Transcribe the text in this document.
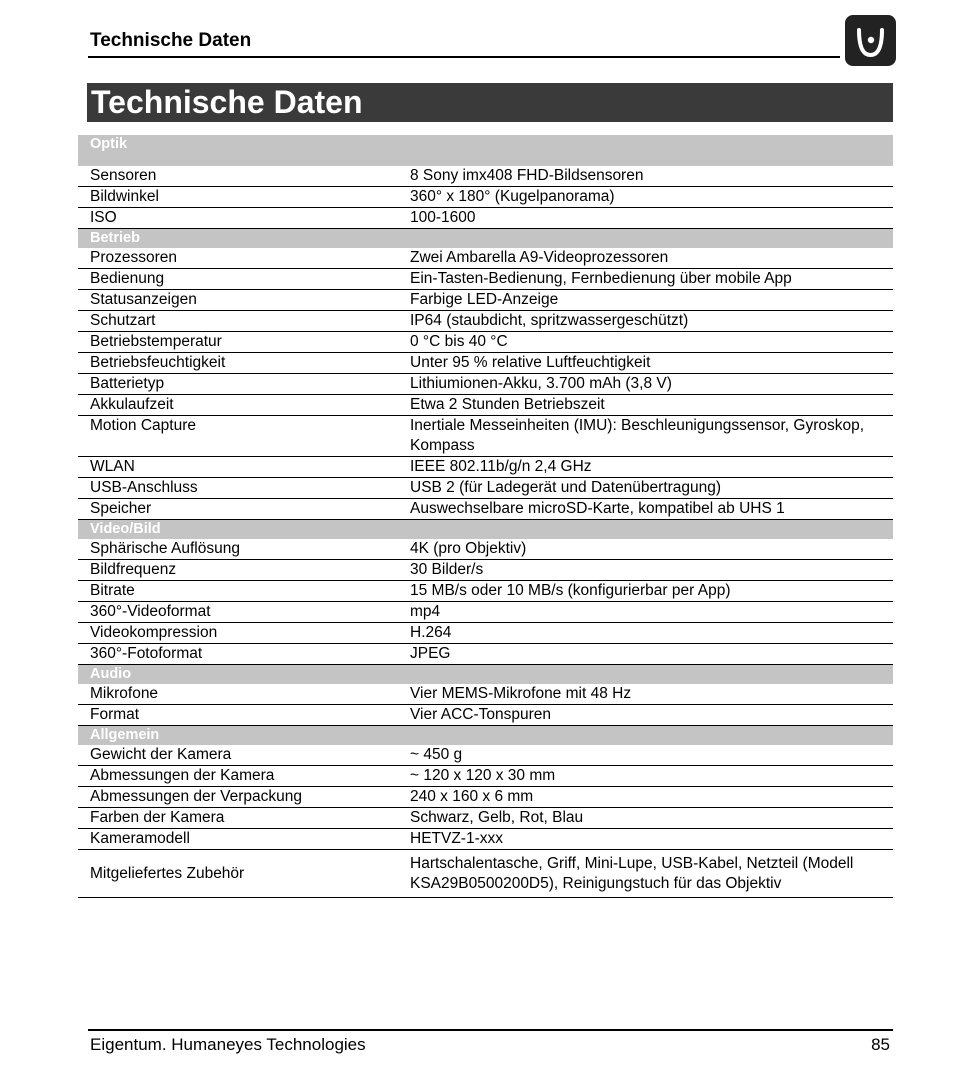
Technische Daten
Technische Daten
Optik	
Sensoren	8 Sony imx408 FHD-Bildsensoren
Bildwinkel	360° x 180° (Kugelpanorama)
ISO	100-1600
Betrieb	
Prozessoren	Zwei Ambarella A9-Videoprozessoren
Bedienung	Ein-Tasten-Bedienung, Fernbedienung über mobile App
Statusanzeigen	Farbige LED-Anzeige
Schutzart	IP64 (staubdicht, spritzwassergeschützt)
Betriebstemperatur	0 °C bis 40 °C
Betriebsfeuchtigkeit	Unter 95 % relative Luftfeuchtigkeit
Batterietyp	Lithiumionen-Akku, 3.700 mAh (3,8 V)
Akkulaufzeit	Etwa 2 Stunden Betriebszeit
Motion Capture	Inertiale Messeinheiten (IMU): Beschleunigungssensor, Gyroskop, Kompass
WLAN	IEEE 802.11b/g/n 2,4 GHz
USB-Anschluss	USB 2 (für Ladegerät und Datenübertragung)
Speicher	Auswechselbare microSD-Karte, kompatibel ab UHS 1
Video/Bild	
Sphärische Auflösung	4K (pro Objektiv)
Bildfrequenz	30 Bilder/s
Bitrate	15 MB/s oder 10 MB/s (konfigurierbar per App)
360°-Videoformat	mp4
Videokompression	H.264
360°-Fotoformat	JPEG
Audio	
Mikrofone	Vier MEMS-Mikrofone mit 48 Hz
Format	Vier ACC-Tonspuren
Allgemein	
Gewicht der Kamera	~ 450 g
Abmessungen der Kamera	~ 120 x 120 x 30 mm
Abmessungen der Verpackung	240 x 160 x 6 mm
Farben der Kamera	Schwarz, Gelb, Rot, Blau
Kameramodell	HETVZ-1-xxx
Mitgeliefertes Zubehör	Hartschalentasche, Griff, Mini-Lupe, USB-Kabel, Netzteil (Modell KSA29B0500200D5), Reinigungstuch für das Objektiv
Eigentum. Humaneyes Technologies	85
